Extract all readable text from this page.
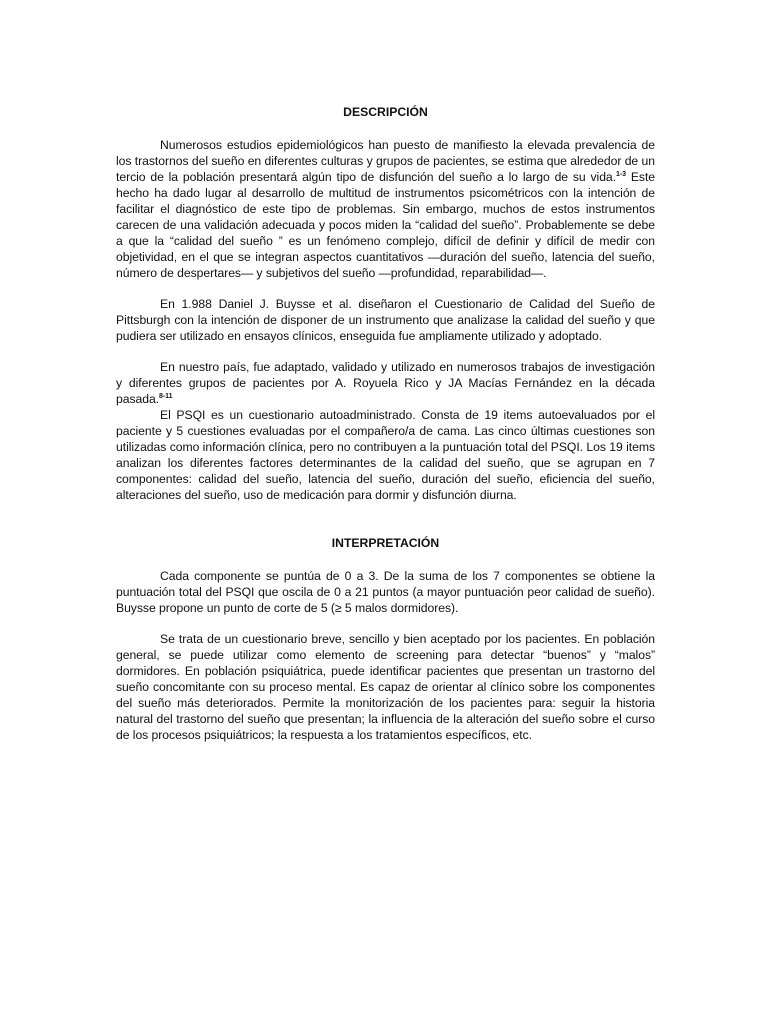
DESCRIPCIÓN

Numerosos estudios epidemiológicos han puesto de manifiesto la elevada prevalencia de los trastornos del sueño en diferentes culturas y grupos de pacientes, se estima que alrededor de un tercio de la población presentará algún tipo de disfunción del sueño a lo largo de su vida.$^{1-3}$ Este hecho ha dado lugar al desarrollo de multitud de instrumentos psicométricos con la intención de facilitar el diagnóstico de este tipo de problemas. Sin embargo, muchos de estos instrumentos carecen de una validación adecuada y pocos miden la “calidad del sueño”. Probablemente se debe a que la “calidad del sueño ” es un fenómeno complejo, difícil de definir y difícil de medir con objetividad, en el que se integran aspectos cuantitativos —duración del sueño, latencia del sueño, número de despertares— y subjetivos del sueño —profundidad, reparabilidad—.

En 1.988 Daniel J. Buysse et al. diseñaron el Cuestionario de Calidad del Sueño de Pittsburgh con la intención de disponer de un instrumento que analizase la calidad del sueño y que pudiera ser utilizado en ensayos clínicos, enseguida fue ampliamente utilizado y adoptado.

En nuestro país, fue adaptado, validado y utilizado en numerosos trabajos de investigación y diferentes grupos de pacientes por A. Royuela Rico y JA Macías Fernández en la década pasada.$^{8-11}$

El PSQI es un cuestionario autoadministrado. Consta de 19 items autoevaluados por el paciente y 5 cuestiones evaluadas por el compañero/a de cama. Las cinco últimas cuestiones son utilizadas como información clínica, pero no contribuyen a la puntuación total del PSQI. Los 19 items analizan los diferentes factores determinantes de la calidad del sueño, que se agrupan en 7 componentes: calidad del sueño, latencia del sueño, duración del sueño, eficiencia del sueño, alteraciones del sueño, uso de medicación para dormir y disfunción diurna.

INTERPRETACIÓN

Cada componente se puntúa de 0 a 3. De la suma de los 7 componentes se obtiene la puntuación total del PSQI que oscila de 0 a 21 puntos (a mayor puntuación peor calidad de sueño). Buysse propone un punto de corte de 5 (≥ 5 malos dormidores).

Se trata de un cuestionario breve, sencillo y bien aceptado por los pacientes. En población general, se puede utilizar como elemento de screening para detectar “buenos” y “malos” dormidores. En población psiquiátrica, puede identificar pacientes que presentan un trastorno del sueño concomitante con su proceso mental. Es capaz de orientar al clínico sobre los componentes del sueño más deteriorados. Permite la monitorización de los pacientes para: seguir la historia natural del trastorno del sueño que presentan; la influencia de la alteración del sueño sobre el curso de los procesos psiquiátricos; la respuesta a los tratamientos específicos, etc.
